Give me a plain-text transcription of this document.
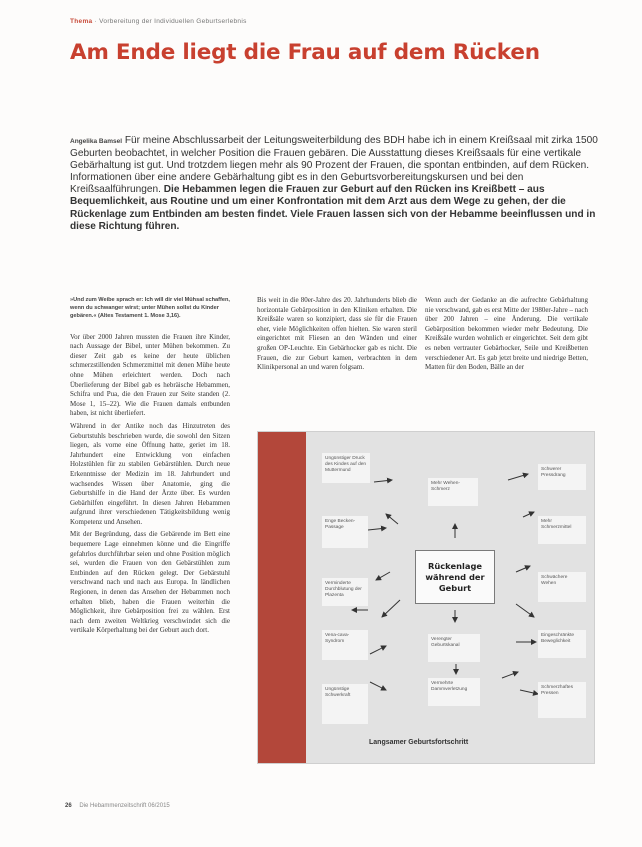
Thema · Vorbereitung der Individuellen Geburtserlebnis
Am Ende liegt die Frau auf dem Rücken

Angelika Bamsel Für meine Abschlussarbeit der Leitungsweiterbildung des BDH habe ich in einem Kreißsaal mit zirka 1500 Geburten beobachtet, in welcher Position die Frauen gebären. Die Ausstattung dieses Kreißsaals für eine vertikale Gebärhaltung ist gut. Und trotzdem liegen mehr als 90 Prozent der Frauen, die spontan entbinden, auf dem Rücken. Informationen über eine andere Gebärhaltung gibt es in den Geburtsvorbereitungskursen und bei den Kreißsaalführungen. Die Hebammen legen die Frauen zur Geburt auf den Rücken ins Kreißbett – aus Bequemlichkeit, aus Routine und um einer Konfrontation mit dem Arzt aus dem Wege zu gehen, der die Rückenlage zum Entbinden am besten findet. Viele Frauen lassen sich von der Hebamme beeinflussen und in diese Richtung führen.

»Und zum Weibe sprach er: Ich will dir viel Mühsal schaffen, wenn du schwanger wirst; unter Mühen sollst du Kinder gebären.« (Altes Testament 1. Mose 3,16).

Vor über 2000 Jahren mussten die Frauen ihre Kinder, nach Aussage der Bibel, unter Mühen bekommen. Zu dieser Zeit gab es keine der heute üblichen schmerzstillenden Schmerzmittel mit denen Mühe heute ohne Mühen erleichtert werden. Doch nach Überlieferung der Bibel gab es hebräische Hebammen, Schifra und Pua, die den Frauen zur Seite standen (2. Mose 1, 15–22). Wie die Frauen damals entbunden haben, ist nicht überliefert.

Während in der Antike noch das Hinzutreten des Geburtstuhls beschrieben wurde, die sowohl den Sitzen liegen, als vorne eine Öffnung hatte, geriet im 18. Jahrhundert eine Entwicklung von einfachen Holzstühlen für zu stabilen Gebärstühlen. Durch neue Erkenntnisse der Medizin im 18. Jahrhundert und wachsendes Wissen über Anatomie, ging die Geburtshilfe in die Hand der Ärzte über. Es wurden Gebärhilfen eingeführt. In diesen Jahren Hebammen aufgrund ihrer verschiedenen Tätigkeitsbildung wenig Kompetenz und Ansehen.

Mit der Begründung, dass die Gebärende im Bett eine bequemere Lage einnehmen könne und die Eingriffe gefahrlos durchführbar seien und ohne Position möglich sei, wurden die Frauen von den Gebärstühlen zum Entbinden auf den Rücken gelegt. Der Gebärstuhl verschwand nach und nach aus Europa. In ländlichen Regionen, in denen das Ansehen der Hebammen noch erhalten blieb, haben die Frauen weiterhin die Möglichkeit, ihre Gebärposition frei zu wählen. Erst nach dem zweiten Weltkrieg verschwindet sich die vertikale Körperhaltung bei der Geburt auch dort.

Bis weit in die 80er-Jahre des 20. Jahrhunderts blieb die horizontale Gebärposition in den Kliniken erhalten. Die Kreißsäle waren so konzipiert, dass sie für die Frauen eher, viele Möglichkeiten offen hielten. Sie waren steril eingerichtet mit Fliesen an den Wänden und einer großen OP-Leuchte. Ein Gebärhocker gab es nicht. Die Frauen, die zur Geburt kamen, verbrachten in dem Klinikpersonal an und waren folgsam.

Wenn auch der Gedanke an die aufrechte Gebärhaltung nie verschwand, gab es erst Mitte der 1980er-Jahre – nach über 200 Jahren – eine Änderung. Die vertikale Gebärposition bekommen wieder mehr Bedeutung. Die Kreißsäle wurden wohnlich er eingerichtet. Seit dem gibt es neben vertrauter Gebärhocker, Seile und Kreißbetten verschiedener Art. Es gab jetzt breite und niedrige Betten, Matten für den Boden, Bälle an der

Ungünstiger Druck des Kindes auf den Muttermund	Schwerer Pressdrang
Mehr Wehen-Schmerz
Enge Becken-Passage
Mehr Schmerzmittel
Verminderte Durchblutung der Plazenta
Schwächere Wehen
Vena-cava-Syndrom	Verengter Geburtskanal
Eingeschränkte Beweglichkeit
Ungünstige Schwerkraft
Vermehrte Dammverletzung	Schmerzhaftes Pressen
Rückenlage
während der
Geburt
Langsamer Geburtsfortschritt
26 Die Hebammenzeitschrift 06/2015
